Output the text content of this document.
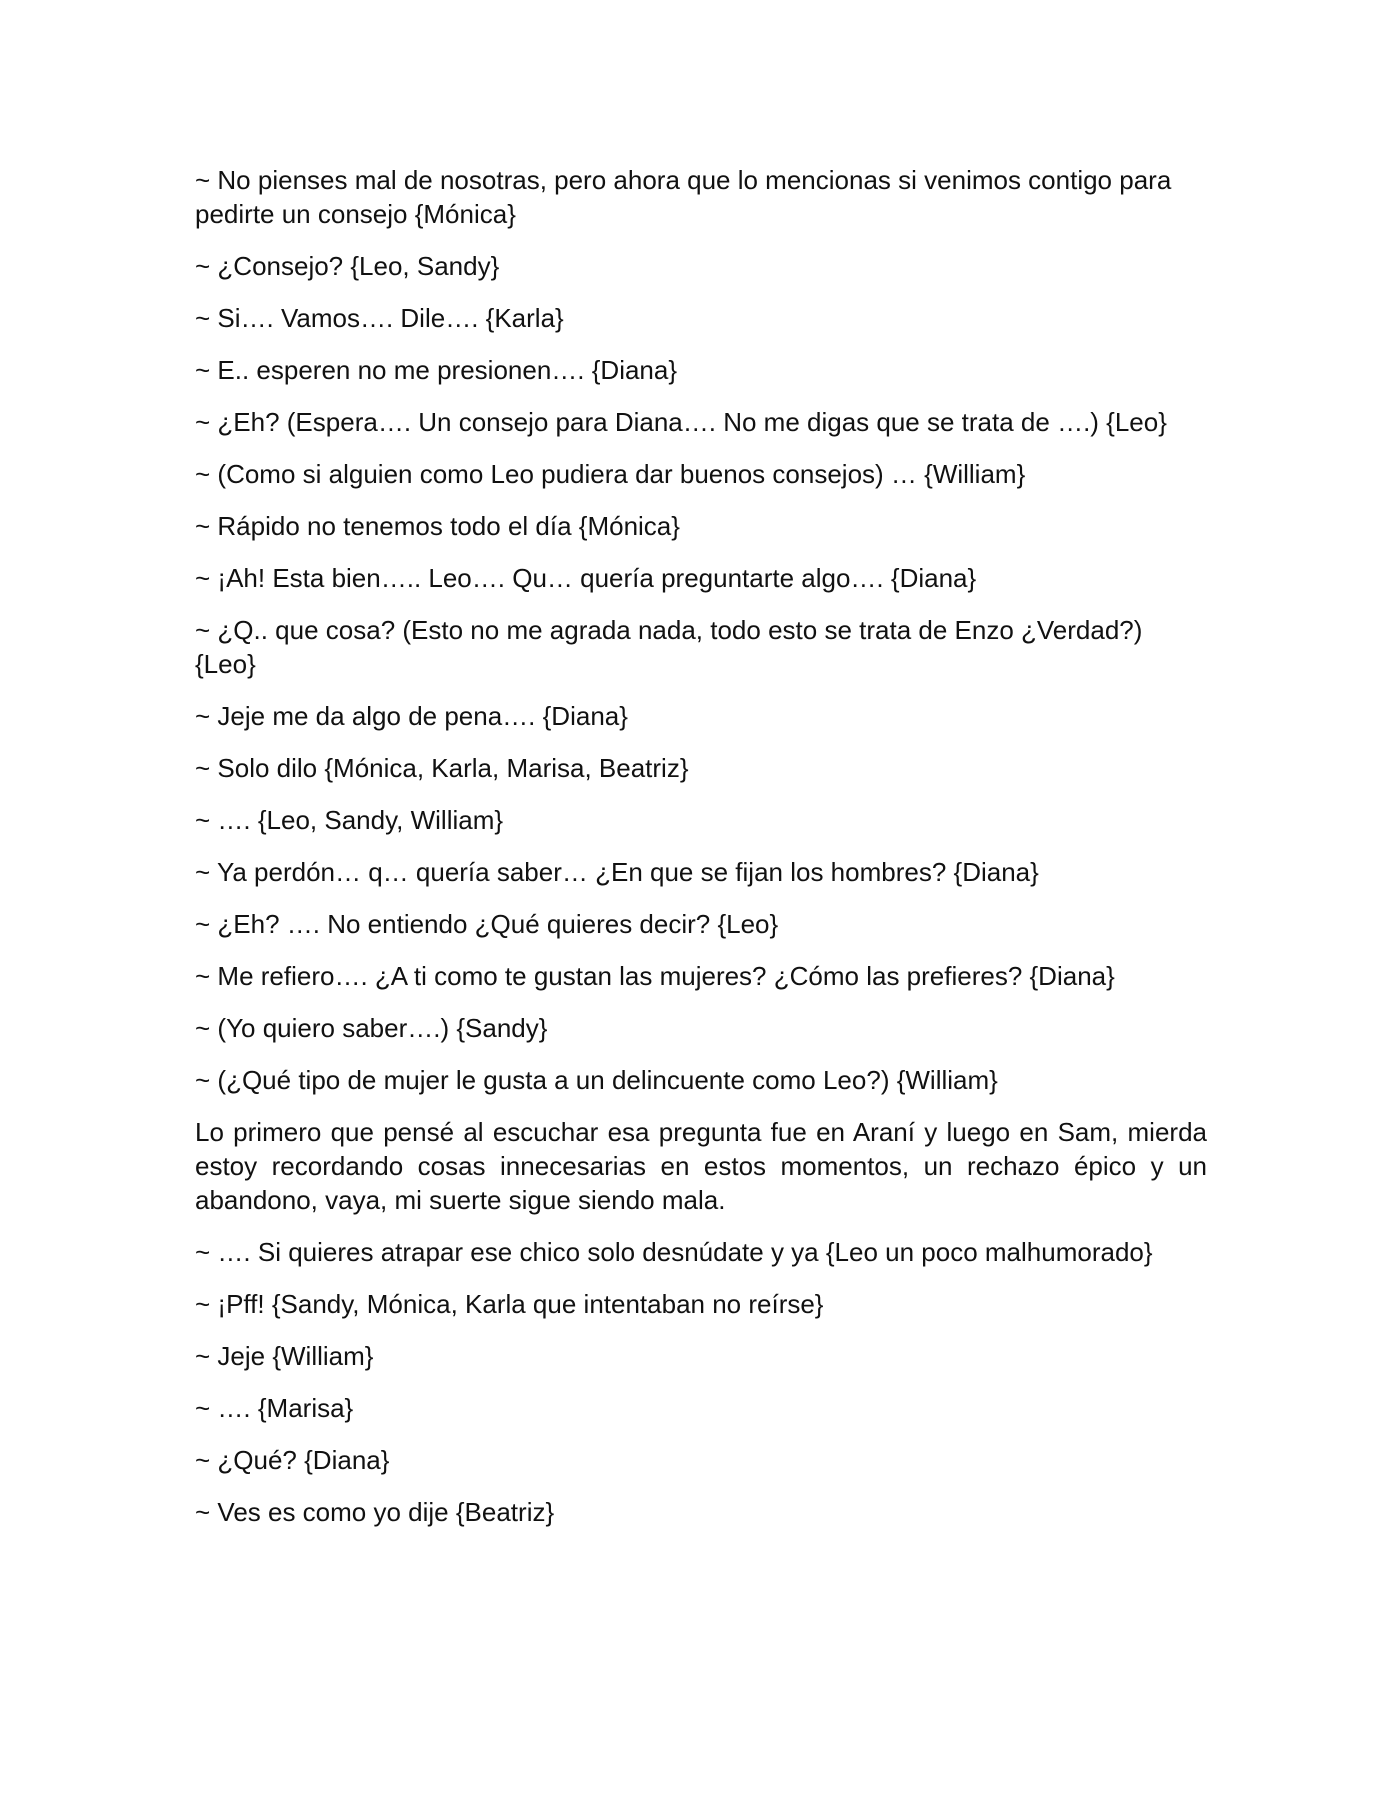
~ No pienses mal de nosotras, pero ahora que lo mencionas si venimos contigo para pedirte un consejo {Mónica}

~ ¿Consejo? {Leo, Sandy}

~ Si…. Vamos…. Dile…. {Karla}

~ E.. esperen no me presionen…. {Diana}

~ ¿Eh? (Espera…. Un consejo para Diana…. No me digas que se trata de ….) {Leo}

~ (Como si alguien como Leo pudiera dar buenos consejos) … {William}

~ Rápido no tenemos todo el día {Mónica}

~ ¡Ah! Esta bien….. Leo…. Qu… quería preguntarte algo…. {Diana}

~ ¿Q.. que cosa? (Esto no me agrada nada, todo esto se trata de Enzo ¿Verdad?) {Leo}

~ Jeje me da algo de pena…. {Diana}

~ Solo dilo {Mónica, Karla, Marisa, Beatriz}

~ …. {Leo, Sandy, William}

~ Ya perdón… q… quería saber… ¿En que se fijan los hombres? {Diana}

~ ¿Eh? …. No entiendo ¿Qué quieres decir? {Leo}

~ Me refiero…. ¿A ti como te gustan las mujeres? ¿Cómo las prefieres? {Diana}

~ (Yo quiero saber….) {Sandy}

~ (¿Qué tipo de mujer le gusta a un delincuente como Leo?) {William}

Lo primero que pensé al escuchar esa pregunta fue en Araní y luego en Sam, mierda estoy recordando cosas innecesarias en estos momentos, un rechazo épico y un abandono, vaya, mi suerte sigue siendo mala.

~ …. Si quieres atrapar ese chico solo desnúdate y ya {Leo un poco malhumorado}

~ ¡Pff! {Sandy, Mónica, Karla que intentaban no reírse}

~ Jeje {William}

~ …. {Marisa}

~ ¿Qué? {Diana}

~ Ves es como yo dije {Beatriz}
